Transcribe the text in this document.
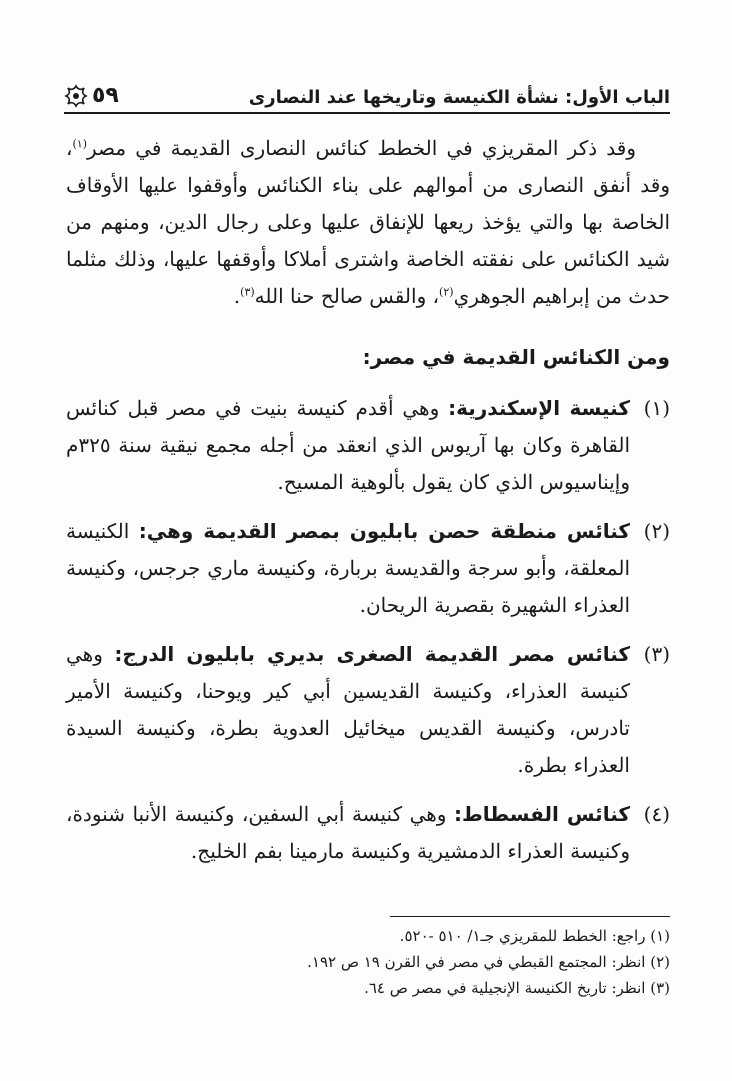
الباب الأول: نشأة الكنيسة وتاريخها عند النصارى
٥٩

وقد ذكر المقريزي في الخطط كنائس النصارى القديمة في مصر$^{(١)}$، وقد أنفق النصارى من أموالهم على بناء الكنائس وأوقفوا عليها الأوقاف الخاصة بها والتي يؤخذ ريعها للإنفاق عليها وعلى رجال الدين، ومنهم من شيد الكنائس على نفقته الخاصة واشترى أملاكا وأوقفها عليها، وذلك مثلما حدث من إبراهيم الجوهري$^{(٢)}$، والقس صالح حنا الله$^{(٣)}$.

ومن الكنائس القديمة في مصر:

(١)
كنيسة الإسكندرية: وهي أقدم كنيسة بنيت في مصر قبل كنائس القاهرة وكان بها آريوس الذي انعقد من أجله مجمع نيقية سنة ٣٢٥م وإيناسيوس الذي كان يقول بألوهية المسيح.

(٢)
كنائس منطقة حصن بابليون بمصر القديمة وهي: الكنيسة المعلقة، وأبو سرجة والقديسة بربارة، وكنيسة ماري جرجس، وكنيسة العذراء الشهيرة بقصرية الريحان.

(٣)
كنائس مصر القديمة الصغرى بديري بابليون الدرج: وهي كنيسة العذراء، وكنيسة القديسين أبي كير ويوحنا، وكنيسة الأمير تادرس، وكنيسة القديس ميخائيل العدوية بطرة، وكنيسة السيدة العذراء بطرة.

(٤)
كنائس الفسطاط: وهي كنيسة أبي السفين، وكنيسة الأنبا شنودة، وكنيسة العذراء الدمشيرية وكنيسة مارمينا بفم الخليج.

(١) راجع: الخطط للمقريزي جـ١/ ٥١٠ -٥٢٠.
(٢) انظر: المجتمع القبطي في مصر في القرن ١٩ ص ١٩٢.
(٣) انظر: تاريخ الكنيسة الإنجيلية في مصر ص ٦٤.
